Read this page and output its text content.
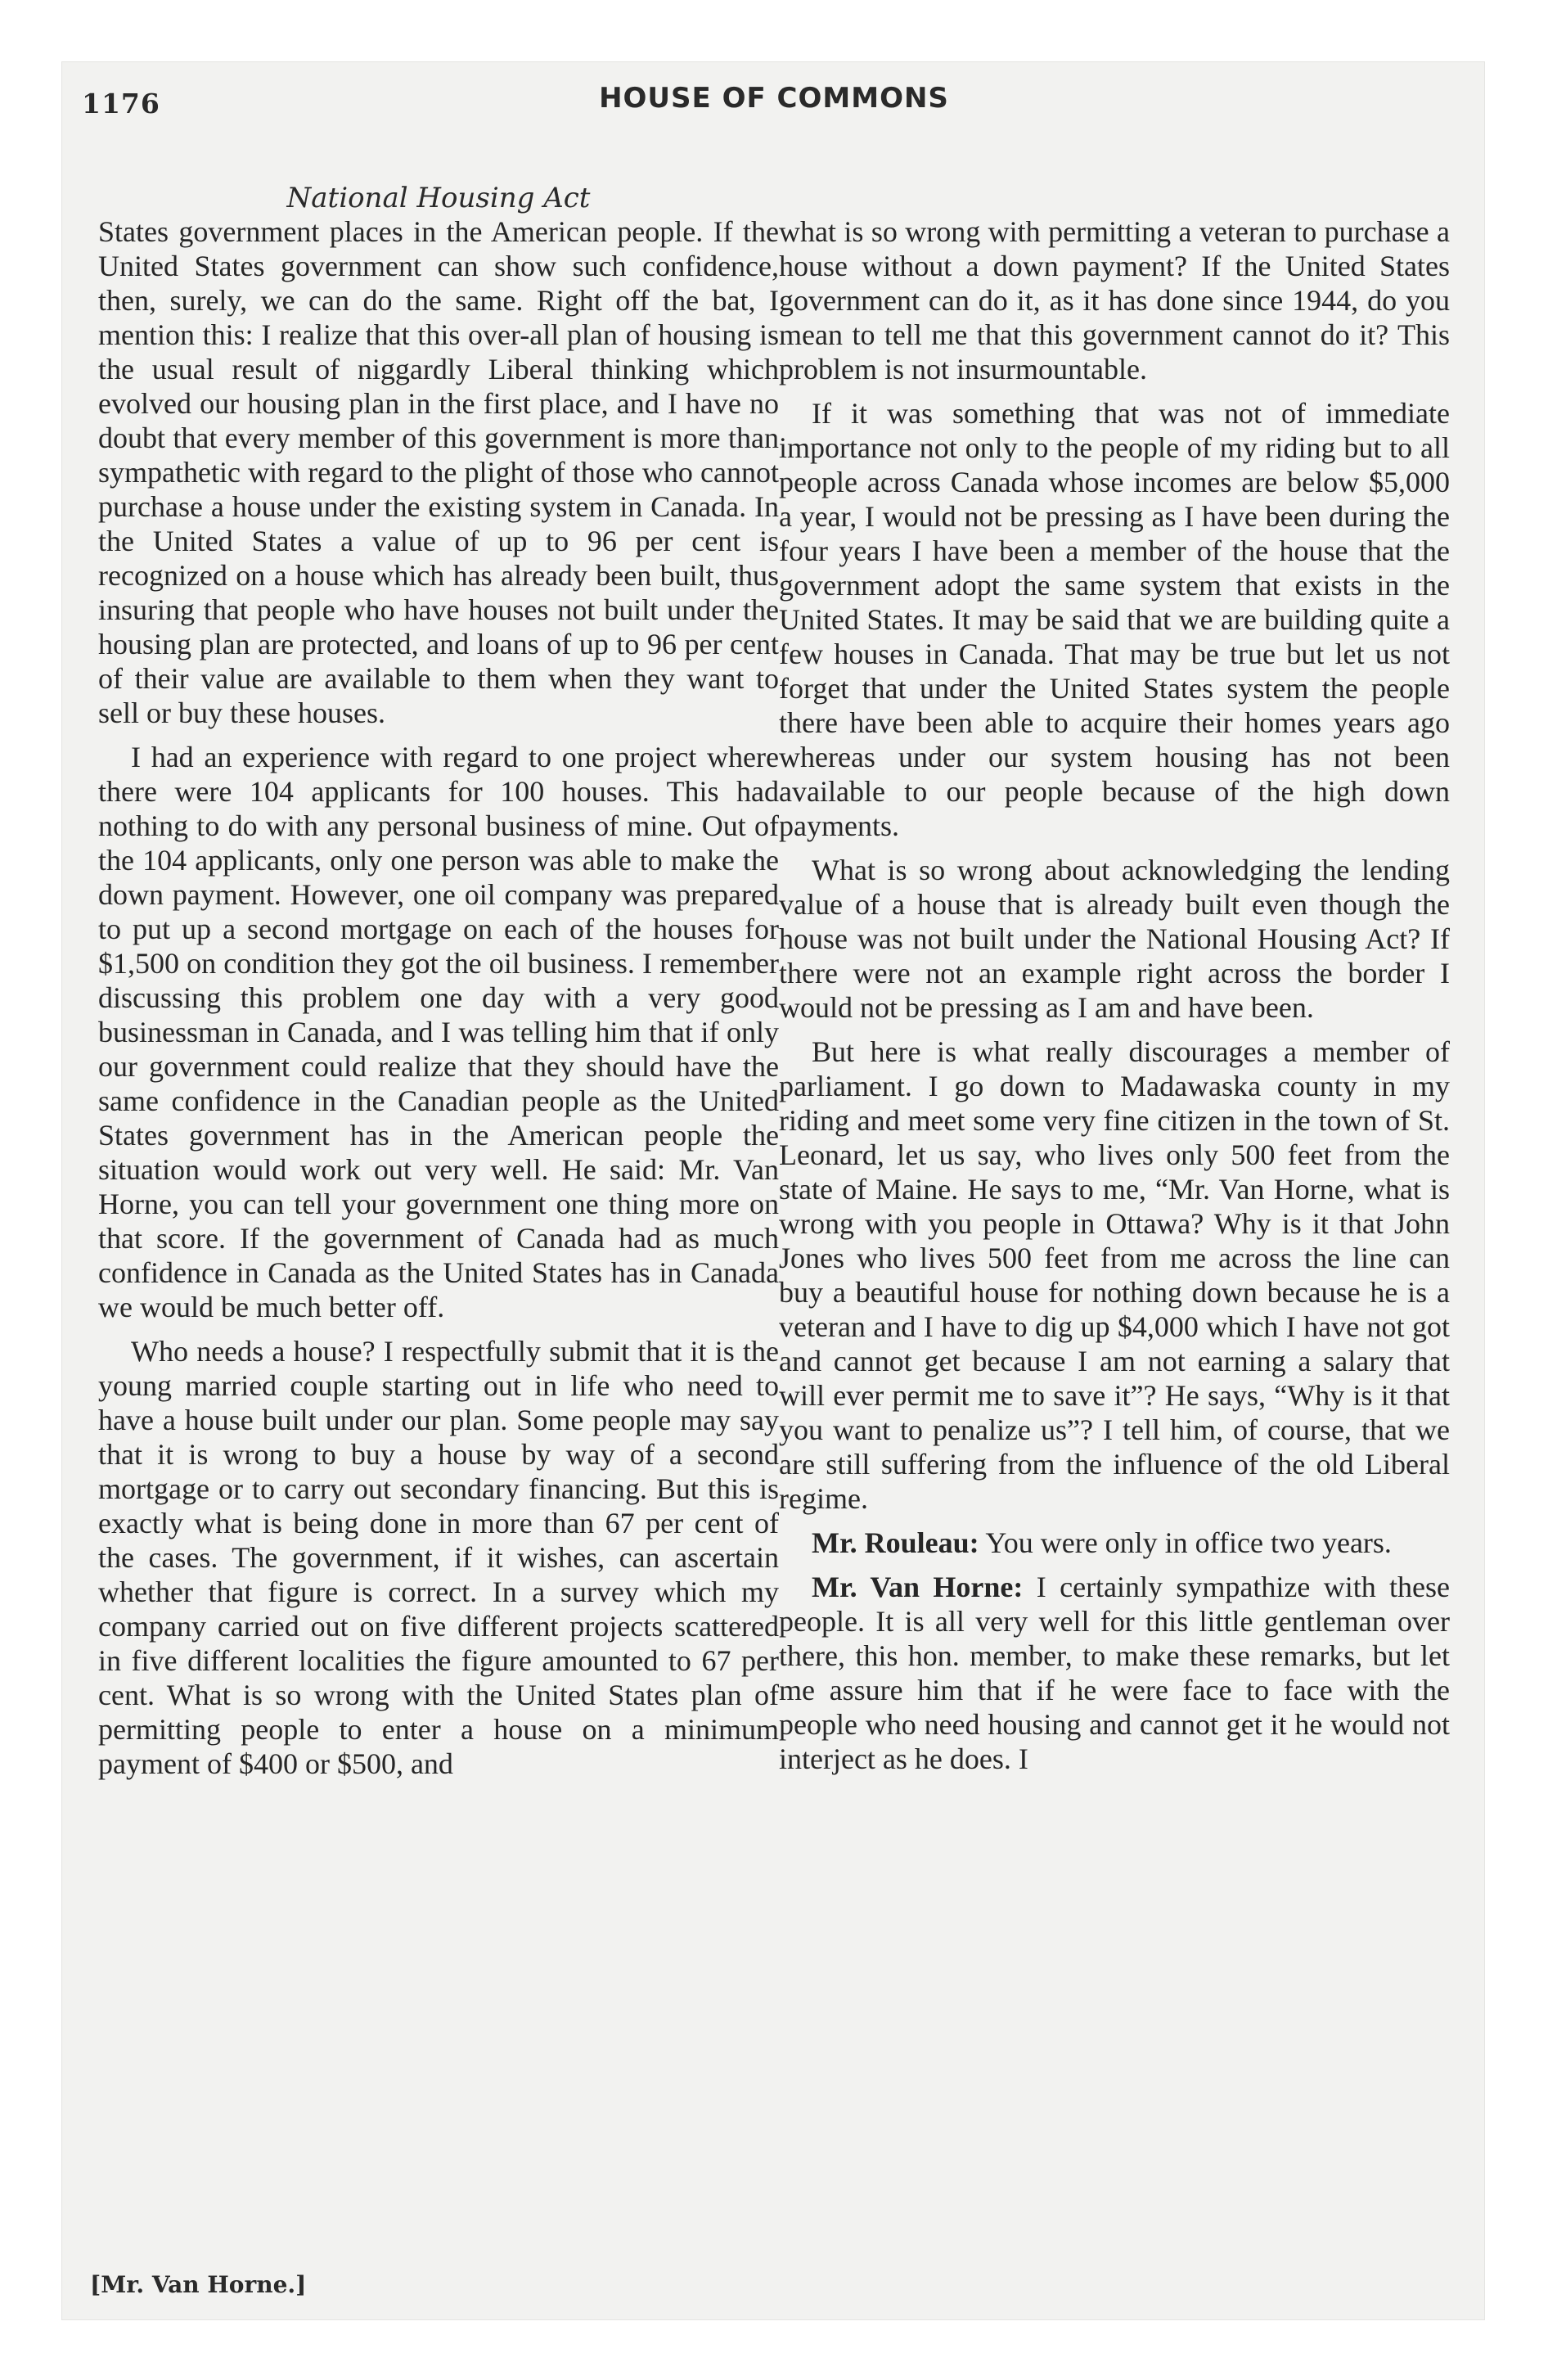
1176	HOUSE OF COMMONS
National Housing Act

States government places in the American people. If the United States government can show such confidence, then, surely, we can do the same. Right off the bat, I mention this: I realize that this over-all plan of housing is the usual result of niggardly Liberal thinking which evolved our housing plan in the first place, and I have no doubt that every member of this government is more than sympathetic with regard to the plight of those who cannot purchase a house under the existing system in Canada. In the United States a value of up to 96 per cent is recognized on a house which has already been built, thus insuring that people who have houses not built under the housing plan are protected, and loans of up to 96 per cent of their value are available to them when they want to sell or buy these houses.

I had an experience with regard to one project where there were 104 applicants for 100 houses. This had nothing to do with any personal business of mine. Out of the 104 applicants, only one person was able to make the down payment. However, one oil company was prepared to put up a second mortgage on each of the houses for $1,500 on condition they got the oil business. I remember discussing this problem one day with a very good businessman in Canada, and I was telling him that if only our government could realize that they should have the same confidence in the Canadian people as the United States government has in the American people the situation would work out very well. He said: Mr. Van Horne, you can tell your government one thing more on that score. If the government of Canada had as much confidence in Canada as the United States has in Canada we would be much better off.

Who needs a house? I respectfully submit that it is the young married couple starting out in life who need to have a house built under our plan. Some people may say that it is wrong to buy a house by way of a second mortgage or to carry out secondary financing. But this is exactly what is being done in more than 67 per cent of the cases. The government, if it wishes, can ascertain whether that figure is correct. In a survey which my company carried out on five different projects scattered in five different localities the figure amounted to 67 per cent. What is so wrong with the United States plan of permitting people to enter a house on a minimum payment of $400 or $500, and

what is so wrong with permitting a veteran to purchase a house without a down payment? If the United States government can do it, as it has done since 1944, do you mean to tell me that this government cannot do it? This problem is not insurmountable.

If it was something that was not of immediate importance not only to the people of my riding but to all people across Canada whose incomes are below $5,000 a year, I would not be pressing as I have been during the four years I have been a member of the house that the government adopt the same system that exists in the United States. It may be said that we are building quite a few houses in Canada. That may be true but let us not forget that under the United States system the people there have been able to acquire their homes years ago whereas under our system housing has not been available to our people because of the high down payments.

What is so wrong about acknowledging the lending value of a house that is already built even though the house was not built under the National Housing Act? If there were not an example right across the border I would not be pressing as I am and have been.

But here is what really discourages a member of parliament. I go down to Madawaska county in my riding and meet some very fine citizen in the town of St. Leonard, let us say, who lives only 500 feet from the state of Maine. He says to me, “Mr. Van Horne, what is wrong with you people in Ottawa? Why is it that John Jones who lives 500 feet from me across the line can buy a beautiful house for nothing down because he is a veteran and I have to dig up $4,000 which I have not got and cannot get because I am not earning a salary that will ever permit me to save it”? He says, “Why is it that you want to penalize us”? I tell him, of course, that we are still suffering from the influence of the old Liberal regime.

Mr. Rouleau: You were only in office two years.

Mr. Van Horne: I certainly sympathize with these people. It is all very well for this little gentleman over there, this hon. member, to make these remarks, but let me assure him that if he were face to face with the people who need housing and cannot get it he would not interject as he does. I

[Mr. Van Horne.]
